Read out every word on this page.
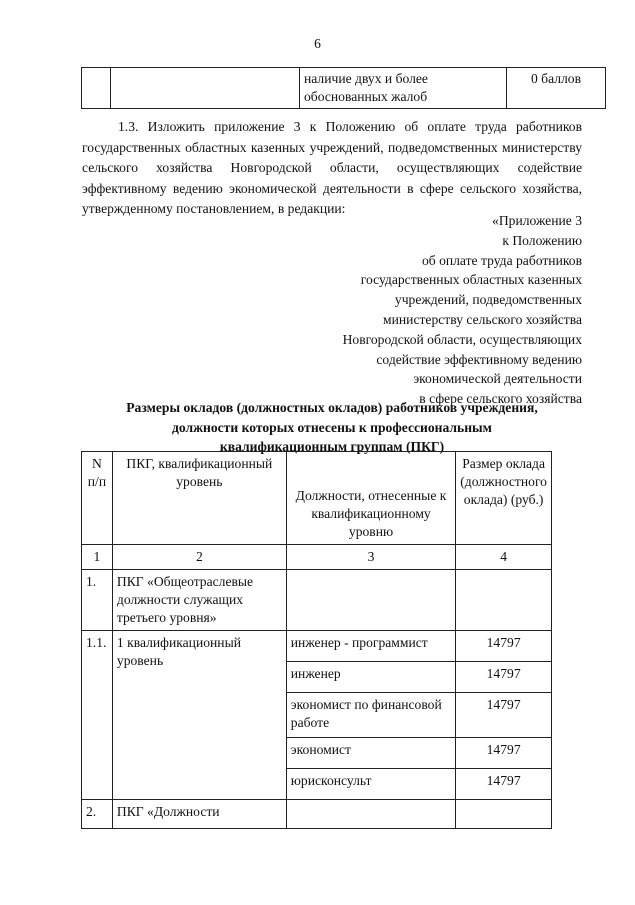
6
		наличие двух и более обоснованных жалоб	0 баллов

1.3. Изложить приложение 3 к Положению об оплате труда работников государственных областных казенных учреждений, подведомственных министерству сельского хозяйства Новгородской области, осуществляющих содействие эффективному ведению экономической деятельности в сфере сельского хозяйства, утвержденному постановлением, в редакции:

«Приложение 3
к Положению
об оплате труда работников
государственных областных казенных
учреждений, подведомственных
министерству сельского хозяйства
Новгородской области, осуществляющих
содействие эффективному ведению
экономической деятельности
в сфере сельского хозяйства
Размеры окладов (должностных окладов) работников учреждения,
должности которых отнесены к профессиональным
квалификационным группам (ПКГ)
N п/п	ПКГ, квалификационный уровень	Должности, отнесенные к квалификационному уровню	Размер оклада (должностного оклада) (руб.)
1	2	3	4
1.	ПКГ «Общеотраслевые должности служащих третьего уровня»		
1.1.	1 квалификационный уровень	инженер - программист	14797
		инженер	14797
		экономист по финансовой работе	14797
		экономист	14797
		юрисконсульт	14797
2.	ПКГ «Должности		
